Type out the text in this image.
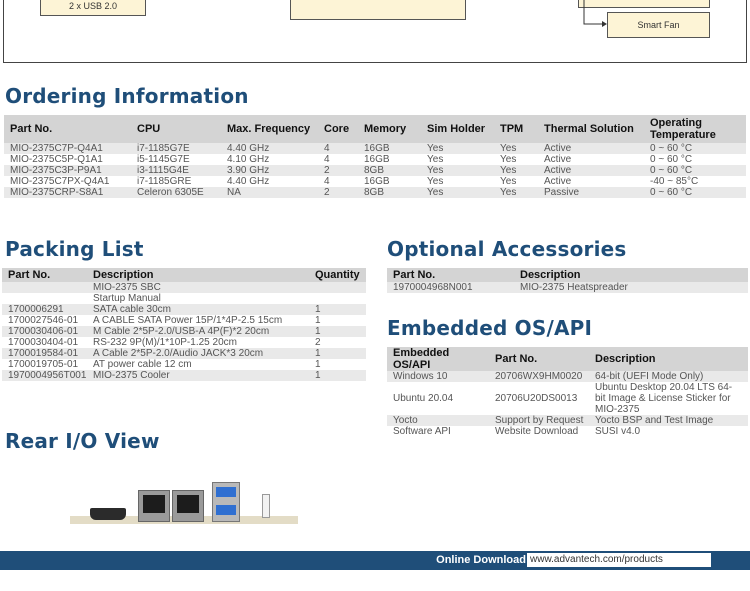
2 x USB 2.0
Smart Fan
Ordering Information
Part No.	CPU	Max. Frequency	Core	Memory	Sim Holder	TPM	Thermal Solution	Operating Temperature
MIO-2375C7P-Q4A1	i7-1185G7E	4.40 GHz	4	16GB	Yes	Yes	Active	0 ~ 60 °C
MIO-2375C5P-Q1A1	i5-1145G7E	4.10 GHz	4	16GB	Yes	Yes	Active	0 ~ 60 °C
MIO-2375C3P-P9A1	i3-1115G4E	3.90 GHz	2	8GB	Yes	Yes	Active	0 ~ 60 °C
MIO-2375C7PX-Q4A1	i7-1185GRE	4.40 GHz	4	16GB	Yes	Yes	Active	-40 ~ 85°C
MIO-2375CRP-S8A1	Celeron 6305E	NA	2	8GB	Yes	Yes	Passive	0 ~ 60 °C
Packing List
Part No.	Description	Quantity
	MIO-2375 SBC	
	Startup Manual	
1700006291	SATA cable 30cm	1
1700027546-01	A CABLE SATA Power 15P/1*4P-2.5 15cm	1
1700030406-01	M Cable 2*5P-2.0/USB-A 4P(F)*2 20cm	1
1700030404-01	RS-232 9P(M)/1*10P-1.25 20cm	2
1700019584-01	A Cable 2*5P-2.0/Audio JACK*3 20cm	1
1700019705-01	AT power cable 12 cm	1
1970004956T001	MIO-2375 Cooler	1
Optional Accessories
Part No.	Description
1970004968N001	MIO-2375 Heatspreader
Embedded OS/API
Embedded OS/API	Part No.	Description
Windows 10	20706WX9HM0020	64-bit (UEFI Mode Only)
Ubuntu 20.04	20706U20DS0013	Ubuntu Desktop 20.04 LTS 64-bit Image & License Sticker for MIO-2375
Yocto	Support by Request	Yocto BSP and Test Image
Software API	Website Download	SUSI v4.0
Rear I/O View
Online Download www.advantech.com/products
